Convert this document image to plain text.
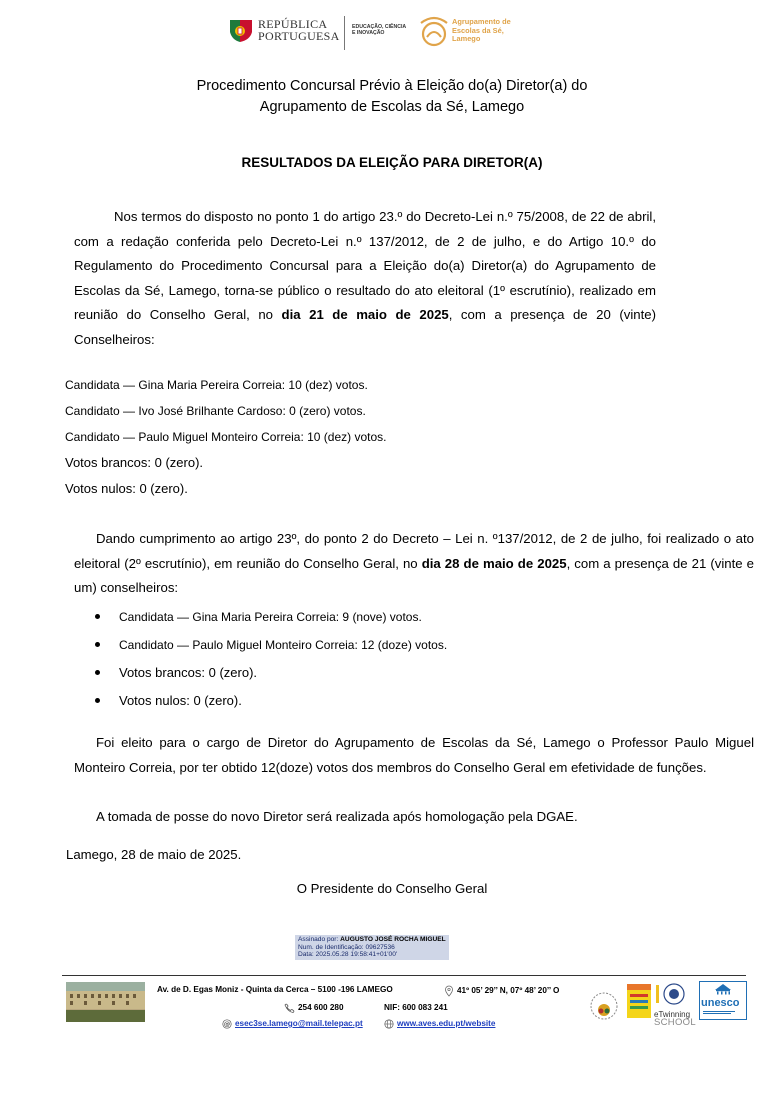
REPÚBLICA
PORTUGUESA
EDUCAÇÃO, CIÊNCIA
E INOVAÇÃO
Agrupamento de
Escolas da Sé,
Lamego
Procedimento Concursal Prévio à Eleição do(a) Diretor(a) do
Agrupamento de Escolas da Sé, Lamego
RESULTADOS DA ELEIÇÃO PARA DIRETOR(A)
Nos termos do disposto no ponto 1 do artigo 23.º do Decreto-Lei n.º 75/2008, de 22 de abril, com a redação conferida pelo Decreto-Lei n.º 137/2012, de 2 de julho, e do Artigo 10.º do Regulamento do Procedimento Concursal para a Eleição do(a) Diretor(a) do Agrupamento de Escolas da Sé, Lamego, torna-se público o resultado do ato eleitoral (1º escrutínio), realizado em reunião do Conselho Geral, no dia 21 de maio de 2025, com a presença de 20 (vinte) Conselheiros:
Candidata — Gina Maria Pereira Correia: 10 (dez) votos.
Candidato — Ivo José Brilhante Cardoso: 0 (zero) votos.
Candidato — Paulo Miguel Monteiro Correia: 10 (dez) votos.
Votos brancos: 0 (zero).
Votos nulos: 0 (zero).
Dando cumprimento ao artigo 23º, do ponto 2 do Decreto – Lei n. º137/2012, de 2 de julho, foi realizado o ato eleitoral (2º escrutínio), em reunião do Conselho Geral, no dia 28 de maio de 2025, com a presença de 21 (vinte e um) conselheiros:
Candidata — Gina Maria Pereira Correia: 9 (nove) votos.
Candidato — Paulo Miguel Monteiro Correia: 12 (doze) votos.
Votos brancos: 0 (zero).
Votos nulos: 0 (zero).
Foi eleito para o cargo de Diretor do Agrupamento de Escolas da Sé, Lamego o Professor Paulo Miguel Monteiro Correia, por ter obtido 12(doze) votos dos membros do Conselho Geral em efetividade de funções.
A tomada de posse do novo Diretor será realizada após homologação pela DGAE.
Lamego, 28 de maio de 2025.
O Presidente do Conselho Geral
Assinado por: AUGUSTO JOSÉ ROCHA MIGUEL
Num. de Identificação: 09627536
Data: 2025.05.28 19:58:41+01'00'
Av. de D. Egas Moniz - Quinta da Cerca – 5100 -196 LAMEGO	41º 05’ 29’’ N, 07º 48’ 20’’ O
254 600 280	NIF: 600 083 241
@ esec3se.lamego@mail.telepac.pt	www.aves.edu.pt/website
eTwinning
SCHOOL
unesco
